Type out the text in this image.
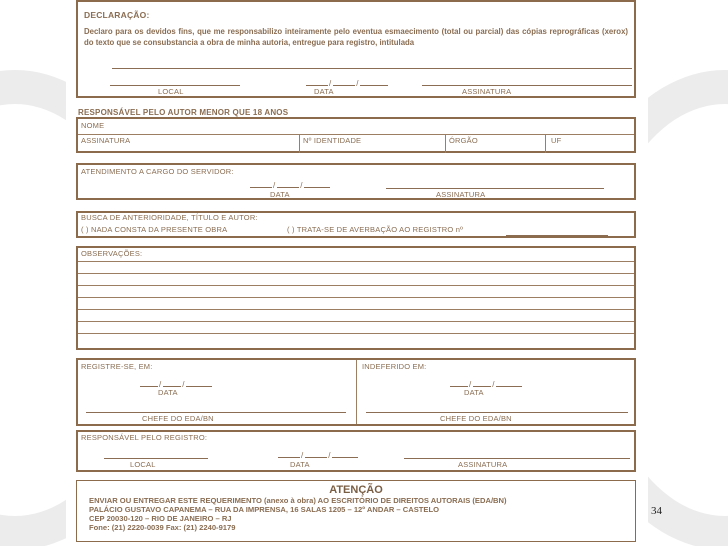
DECLARAÇÃO:
Declaro para os devidos fins, que me responsabilizo inteiramente pelo eventua esmaecimento (total ou parcial) das cópias reprográficas (xerox) do texto que se consubstancia a obra de minha autoria, entregue para registro, intitulada
/	/
LOCAL	DATA	ASSINATURA
RESPONSÁVEL PELO AUTOR MENOR QUE 18 ANOS
NOME
ASSINATURA	Nº IDENTIDADE	ÓRGÃO	UF
ATENDIMENTO A CARGO DO SERVIDOR:
/	/
DATA	ASSINATURA
BUSCA DE ANTERIORIDADE, TÍTULO E AUTOR:
( ) NADA CONSTA DA PRESENTE OBRA	( ) TRATA-SE DE AVERBAÇÃO AO REGISTRO nº
OBSERVAÇÕES:
REGISTRE-SE, EM:
/	/
DATA
CHEFE DO EDA/BN
INDEFERIDO EM:
/	/
DATA
CHEFE DO EDA/BN
RESPONSÁVEL PELO REGISTRO:
/	/
LOCAL	DATA	ASSINATURA
ATENÇÃO
ENVIAR OU ENTREGAR ESTE REQUERIMENTO (anexo à obra) AO ESCRITÓRIO DE DIREITOS AUTORAIS (EDA/BN)
PALÁCIO GUSTAVO CAPANEMA – RUA DA IMPRENSA, 16 SALAS 1205 – 12º ANDAR – CASTELO
CEP 20030-120 – RIO DE JANEIRO – RJ
Fone: (21) 2220-0039 Fax: (21) 2240-9179
34
